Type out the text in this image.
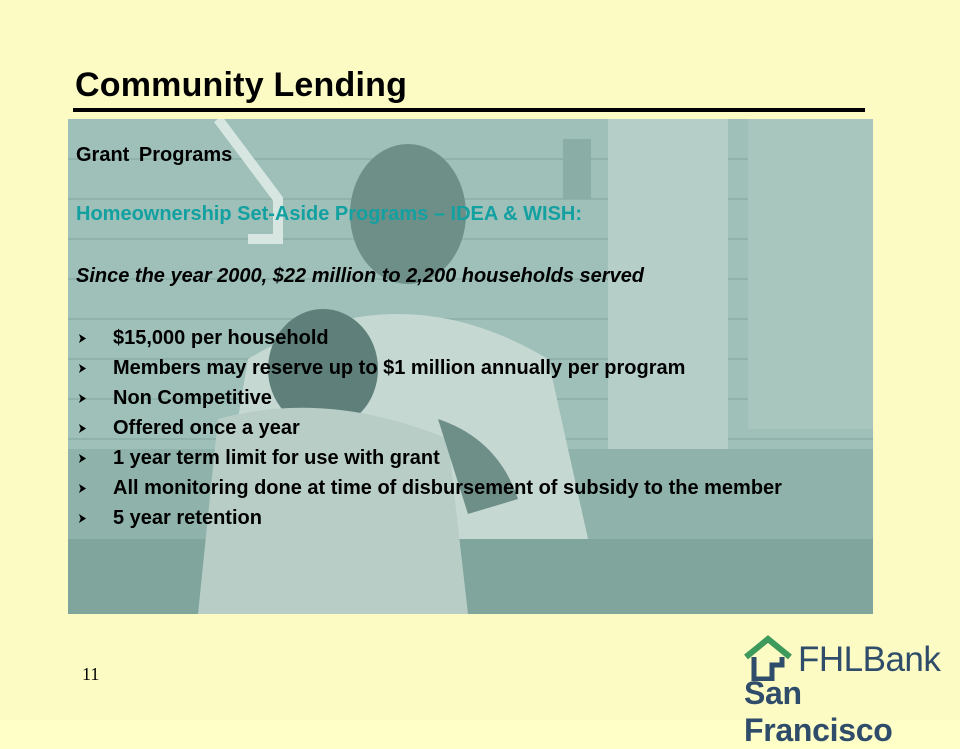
Community Lending
Grant Programs
Homeownership Set-Aside Programs – IDEA & WISH:
Since the year 2000, $22 million to 2,200 households served
$15,000 per household
Members may reserve up to $1 million annually per program
Non Competitive
Offered once a year
1 year term limit for use with grant
All monitoring done at time of disbursement of subsidy to the member
5 year retention
11	FHLBank
San Francisco
